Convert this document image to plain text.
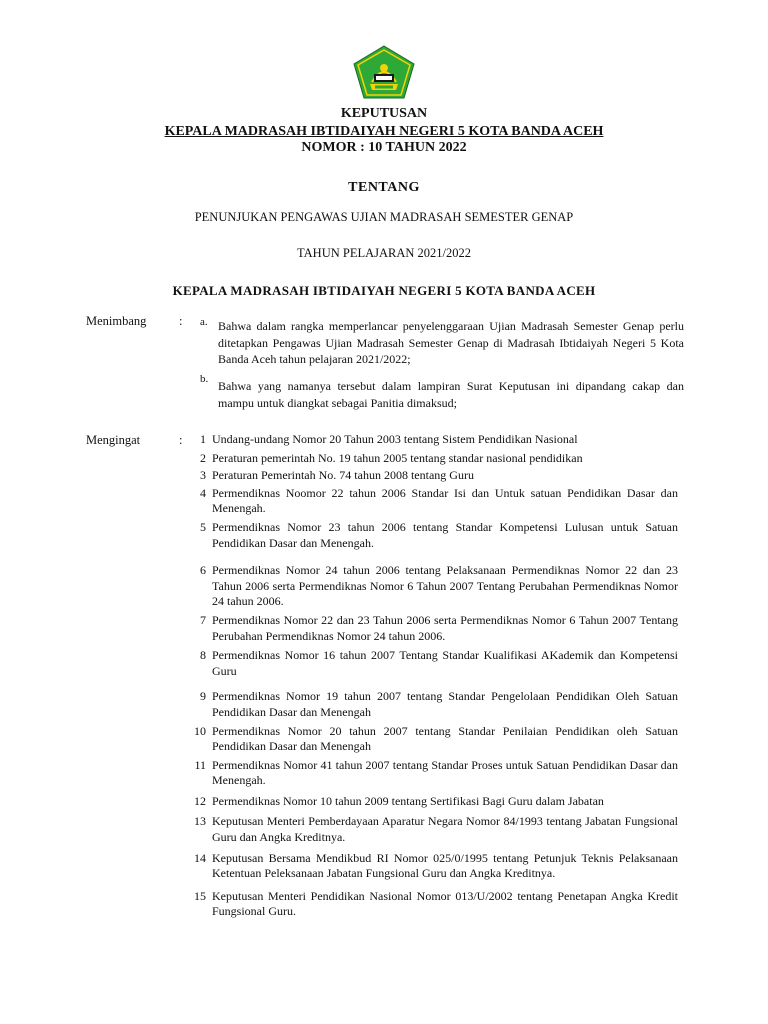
KEPUTUSAN
KEPALA MADRASAH IBTIDAIYAH NEGERI 5 KOTA BANDA ACEH
NOMOR : 10 TAHUN 2022
TENTANG
PENUNJUKAN PENGAWAS UJIAN MADRASAH SEMESTER GENAP
TAHUN PELAJARAN 2021/2022
KEPALA MADRASAH IBTIDAIYAH NEGERI 5 KOTA BANDA ACEH
Menimbang	: a. Bahwa dalam rangka memperlancar penyelenggaraan Ujian Madrasah Semester Genap perlu ditetapkan Pengawas Ujian Madrasah Semester Genap di Madrasah Ibtidaiyah Negeri 5 Kota Banda Aceh tahun pelajaran 2021/2022;
b. Bahwa yang namanya tersebut dalam lampiran Surat Keputusan ini dipandang cakap dan mampu untuk diangkat sebagai Panitia dimaksud;
Mengingat	:	1 Undang-undang Nomor 20 Tahun 2003 tentang Sistem Pendidikan Nasional
2 Peraturan pemerintah No. 19 tahun 2005 tentang standar nasional pendidikan
3 Peraturan Pemerintah No. 74 tahun 2008 tentang Guru
4 Permendiknas Noomor 22 tahun 2006 Standar Isi dan Untuk satuan Pendidikan Dasar dan Menengah.
5 Permendiknas Nomor 23 tahun 2006 tentang Standar Kompetensi Lulusan untuk Satuan Pendidikan Dasar dan Menengah.
6 Permendiknas Nomor 24 tahun 2006 tentang Pelaksanaan Permendiknas Nomor 22 dan 23 Tahun 2006 serta Permendiknas Nomor 6 Tahun 2007 Tentang Perubahan Permendiknas Nomor 24 tahun 2006.
7 Permendiknas Nomor 22 dan 23 Tahun 2006 serta Permendiknas Nomor 6 Tahun 2007 Tentang Perubahan Permendiknas Nomor 24 tahun 2006.
8 Permendiknas Nomor 16 tahun 2007 Tentang Standar Kualifikasi AKademik dan Kompetensi Guru
9 Permendiknas Nomor 19 tahun 2007 tentang Standar Pengelolaan Pendidikan Oleh Satuan Pendidikan Dasar dan Menengah
10 Permendiknas Nomor 20 tahun 2007 tentang Standar Penilaian Pendidikan oleh Satuan Pendidikan Dasar dan Menengah
11 Permendiknas Nomor 41 tahun 2007 tentang Standar Proses untuk Satuan Pendidikan Dasar dan Menengah.
12 Permendiknas Nomor 10 tahun 2009 tentang Sertifikasi Bagi Guru dalam Jabatan
13 Keputusan Menteri Pemberdayaan Aparatur Negara Nomor 84/1993 tentang Jabatan Fungsional Guru dan Angka Kreditnya.
14 Keputusan Bersama Mendikbud RI Nomor 025/0/1995 tentang Petunjuk Teknis Pelaksanaan Ketentuan Peleksanaan Jabatan Fungsional Guru dan Angka Kreditnya.
15 Keputusan Menteri Pendidikan Nasional Nomor 013/U/2002 tentang Penetapan Angka Kredit Fungsional Guru.
